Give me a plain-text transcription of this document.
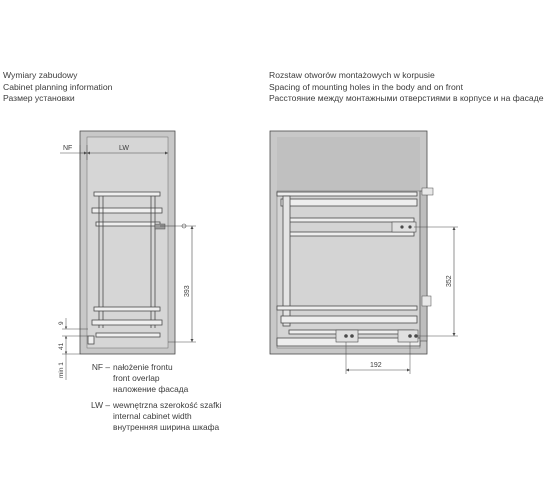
Wymiary zabudowy
Cabinet planning information
Размер установки
Rozstaw otworów montażowych w korpusie
Spacing of mounting holes in the body and on front
Расстояние между монтажными отверстиями в корпусе и на фасаде
NF	LW
393
9
41
min 1
352
192
NF – nałożenie frontu
front overlap
наложение фасада
LW – wewnętrzna szerokość szafki
internal cabinet width
внутренняя ширина шкафа
